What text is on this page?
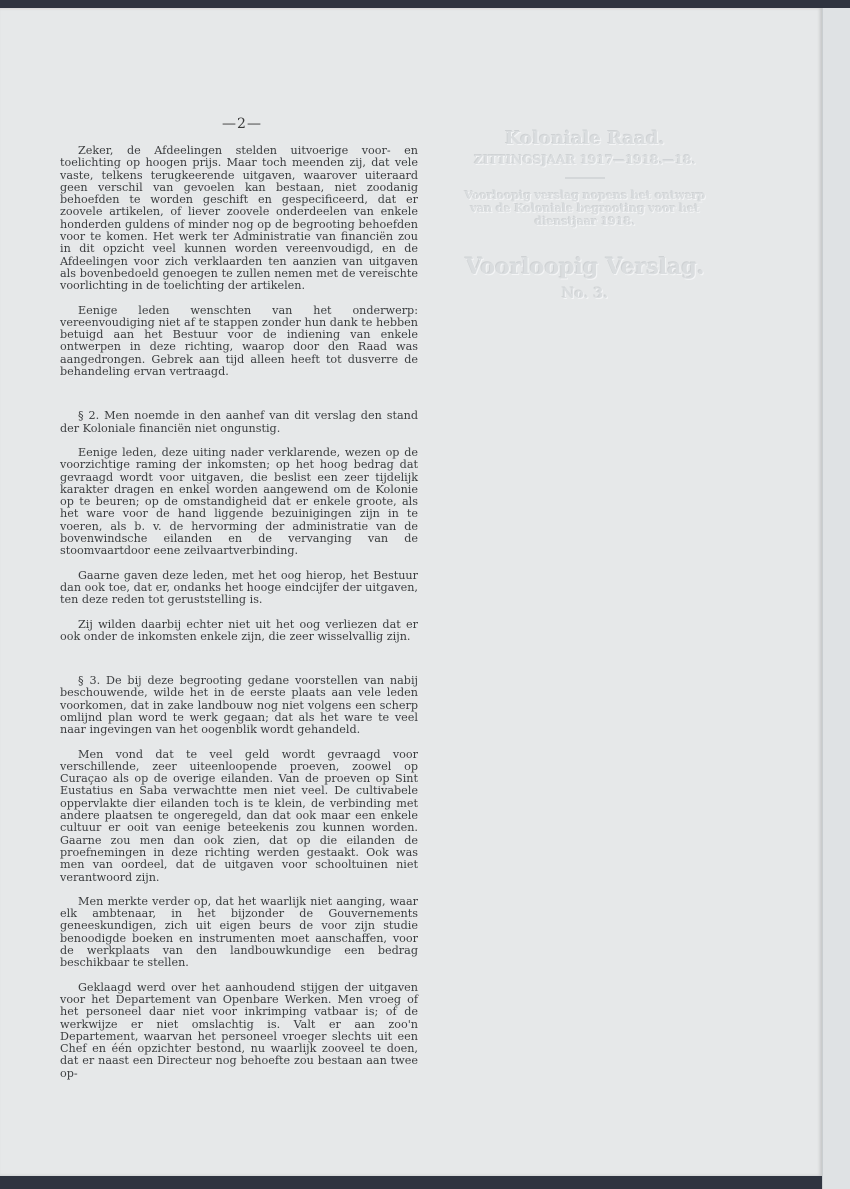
—2—
Koloniale Raad.
ZITTINGSJAAR 1917—1918.—18.
Voorloopig verslag nopens het ontwerp van de Koloniale begrooting voor het dienstjaar 1918.
Voorloopig Verslag.
No. 3.

Zeker, de Afdeelingen stelden uitvoerige voor- en toelichting op hoogen prijs. Maar toch meenden zij, dat vele vaste, telkens terugkeerende uitgaven, waarover uiteraard geen verschil van gevoelen kan bestaan, niet zoodanig behoefden te worden geschift en gespecificeerd, dat er zoovele artikelen, of liever zoovele onderdeelen van enkele honderden guldens of minder nog op de begrooting behoefden voor te komen. Het werk ter Administratie van financiën zou in dit opzicht veel kunnen worden vereenvoudigd, en de Afdeelingen voor zich verklaarden ten aanzien van uitgaven als bovenbedoeld genoegen te zullen nemen met de vereischte voorlichting in de toelichting der artikelen.

Eenige leden wenschten van het onderwerp: vereenvoudiging niet af te stappen zonder hun dank te hebben betuigd aan het Bestuur voor de indiening van enkele ontwerpen in deze richting, waarop door den Raad was aangedrongen. Gebrek aan tijd alleen heeft tot dusverre de behandeling ervan vertraagd.

§ 2. Men noemde in den aanhef van dit verslag den stand der Koloniale financiën niet ongunstig.

Eenige leden, deze uiting nader verklarende, wezen op de voorzichtige raming der inkomsten; op het hoog bedrag dat gevraagd wordt voor uitgaven, die beslist een zeer tijdelijk karakter dragen en enkel worden aangewend om de Kolonie op te beuren; op de omstandigheid dat er enkele groote, als het ware voor de hand liggende bezuinigingen zijn in te voeren, als b. v. de hervorming der administratie van de bovenwindsche eilanden en de vervanging van de stoomvaartdoor eene zeilvaartverbinding.

Gaarne gaven deze leden, met het oog hierop, het Bestuur dan ook toe, dat er, ondanks het hooge eindcijfer der uitgaven, ten deze reden tot geruststelling is.

Zij wilden daarbij echter niet uit het oog verliezen dat er ook onder de inkomsten enkele zijn, die zeer wisselvallig zijn.

§ 3. De bij deze begrooting gedane voorstellen van nabij beschouwende, wilde het in de eerste plaats aan vele leden voorkomen, dat in zake landbouw nog niet volgens een scherp omlijnd plan word te werk gegaan; dat als het ware te veel naar ingevingen van het oogenblik wordt gehandeld.

Men vond dat te veel geld wordt gevraagd voor verschillende, zeer uiteenloopende proeven, zoowel op Curaçao als op de overige eilanden. Van de proeven op Sint Eustatius en Saba verwachtte men niet veel. De cultivabele oppervlakte dier eilanden toch is te klein, de verbinding met andere plaatsen te ongeregeld, dan dat ook maar een enkele cultuur er ooit van eenige beteekenis zou kunnen worden. Gaarne zou men dan ook zien, dat op die eilanden de proefnemingen in deze richting werden gestaakt. Ook was men van oordeel, dat de uitgaven voor schooltuinen niet verantwoord zijn.

Men merkte verder op, dat het waarlijk niet aanging, waar elk ambtenaar, in het bijzonder de Gouvernements geneeskundigen, zich uit eigen beurs de voor zijn studie benoodigde boeken en instrumenten moet aanschaffen, voor de werkplaats van den landbouwkundige een bedrag beschikbaar te stellen.

Geklaagd werd over het aanhoudend stijgen der uitgaven voor het Departement van Openbare Werken. Men vroeg of het personeel daar niet voor inkrimping vatbaar is; of de werkwijze er niet omslachtig is. Valt er aan zoo'n Departement, waarvan het personeel vroeger slechts uit een Chef en één opzichter bestond, nu waarlijk zooveel te doen, dat er naast een Directeur nog behoefte zou bestaan aan twee op-
